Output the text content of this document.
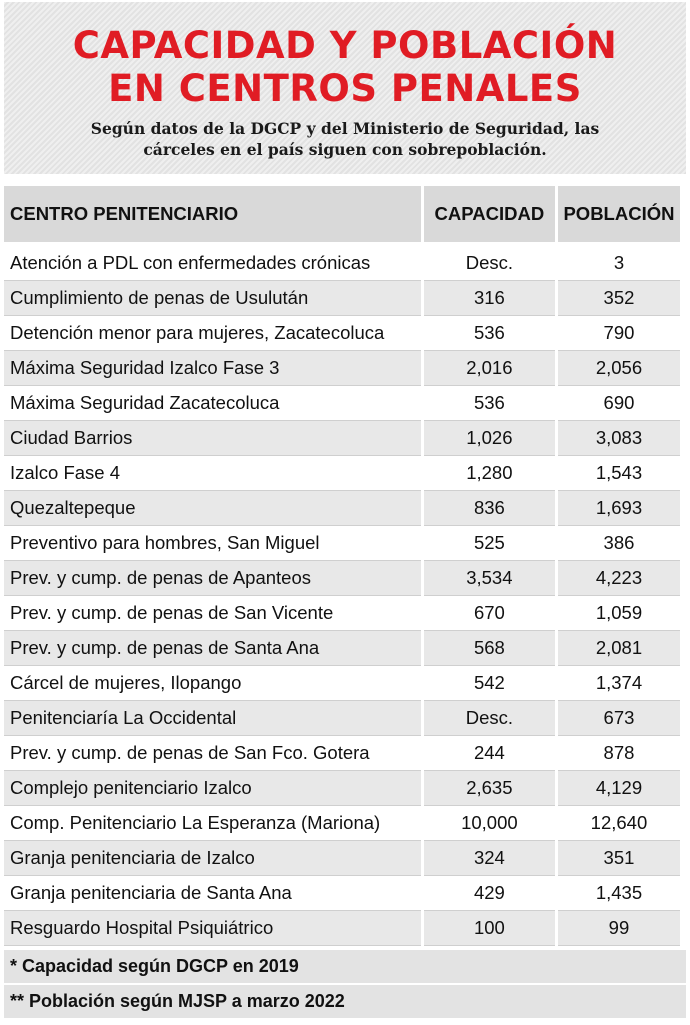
CAPACIDAD Y POBLACIÓN
EN CENTROS PENALES
Según datos de la DGCP y del Ministerio de Seguridad, las
cárceles en el país siguen con sobrepoblación.
CENTRO PENITENCIARIO	CAPACIDAD	POBLACIÓN
Atención a PDL con enfermedades crónicas	Desc.	3
Cumplimiento de penas de Usulután	316	352
Detención menor para mujeres, Zacatecoluca	536	790
Máxima Seguridad Izalco Fase 3	2,016	2,056
Máxima Seguridad Zacatecoluca	536	690
Ciudad Barrios	1,026	3,083
Izalco Fase 4	1,280	1,543
Quezaltepeque	836	1,693
Preventivo para hombres, San Miguel	525	386
Prev. y cump. de penas de Apanteos	3,534	4,223
Prev. y cump. de penas de San Vicente	670	1,059
Prev. y cump. de penas de Santa Ana	568	2,081
Cárcel de mujeres, Ilopango	542	1,374
Penitenciaría La Occidental	Desc.	673
Prev. y cump. de penas de San Fco. Gotera	244	878
Complejo penitenciario Izalco	2,635	4,129
Comp. Penitenciario La Esperanza (Mariona)	10,000	12,640
Granja penitenciaria de Izalco	324	351
Granja penitenciaria de Santa Ana	429	1,435
Resguardo Hospital Psiquiátrico	100	99
* Capacidad según DGCP en 2019
** Población según MJSP a marzo 2022
